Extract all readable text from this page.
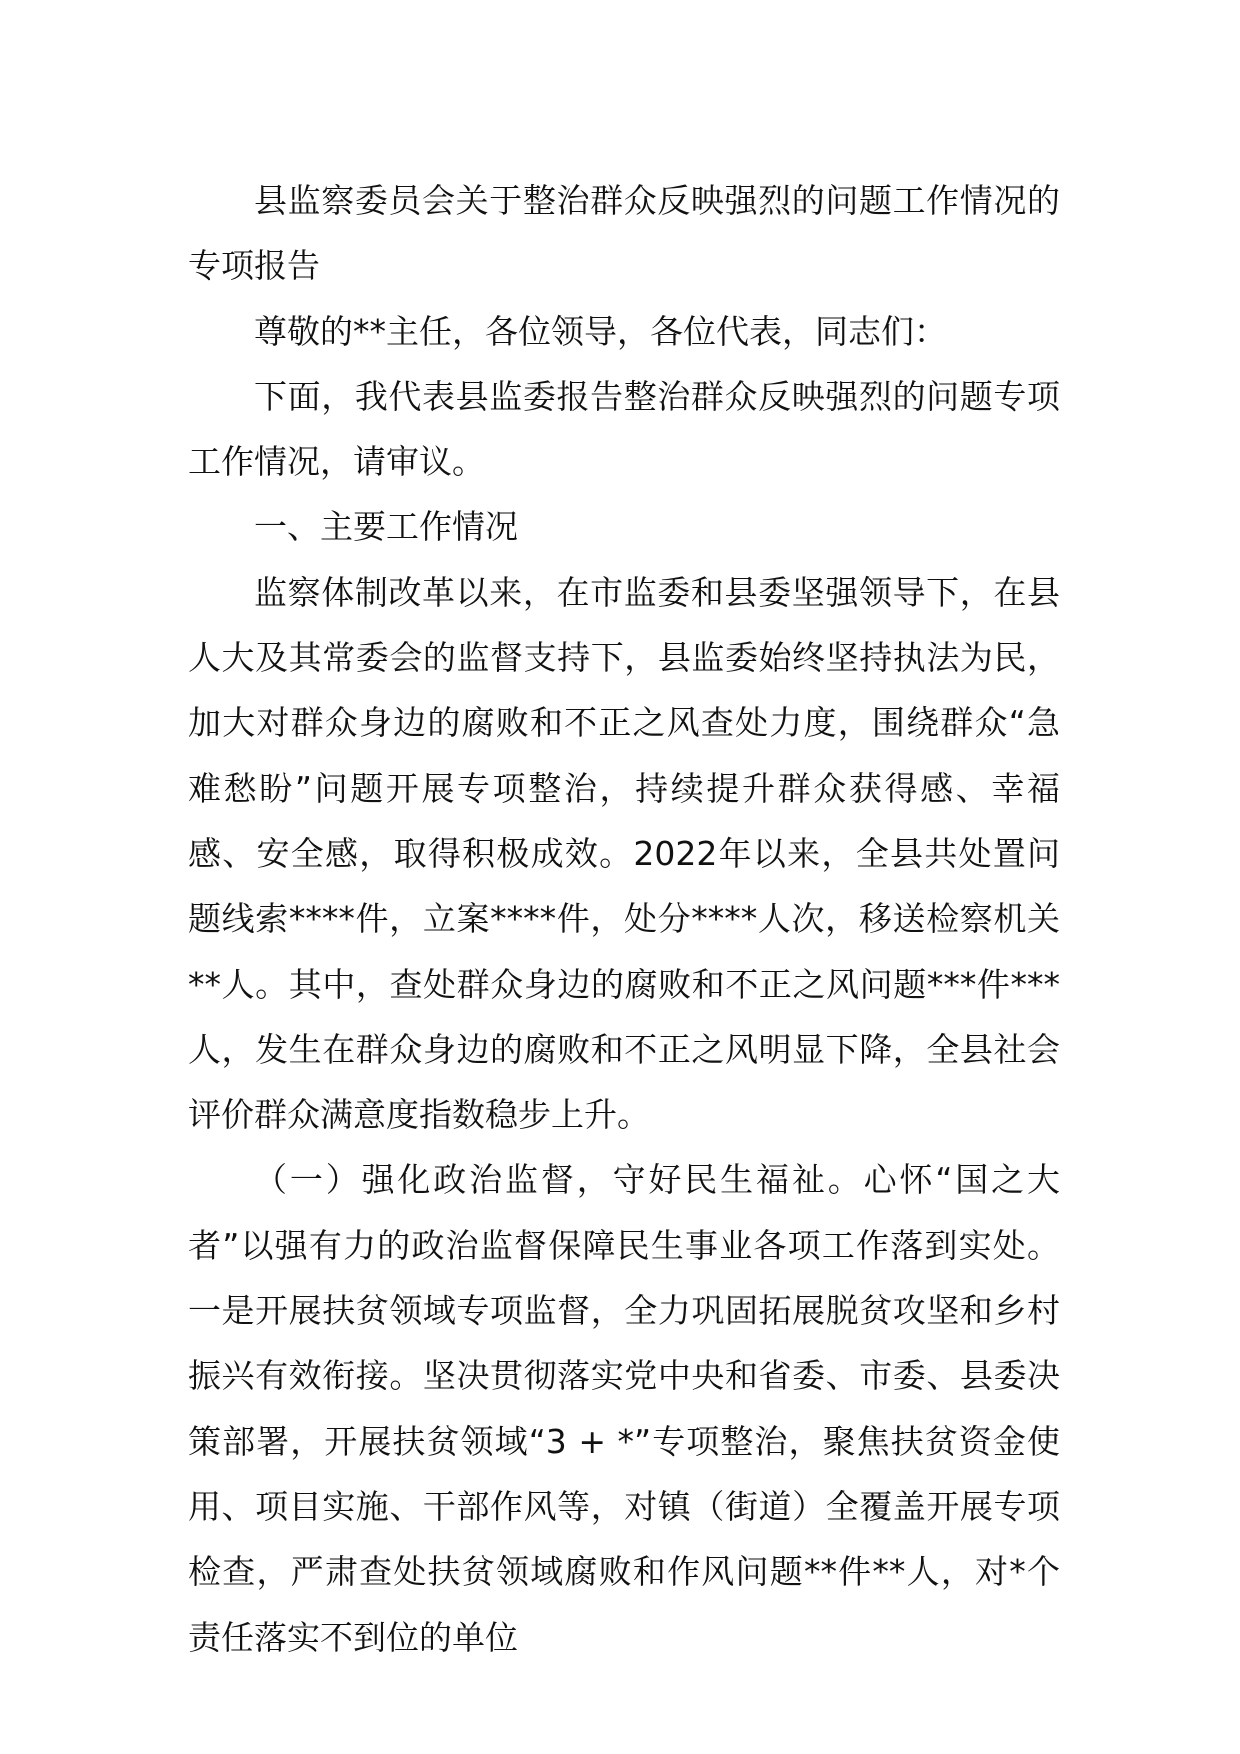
县监察委员会关于整治群众反映强烈的问题工作情况的专项报告

尊敬的**主任，各位领导，各位代表，同志们：

下面，我代表县监委报告整治群众反映强烈的问题专项工作情况，请审议。

一、主要工作情况

监察体制改革以来，在市监委和县委坚强领导下，在县人大及其常委会的监督支持下，县监委始终坚持执法为民，加大对群众身边的腐败和不正之风查处力度，围绕群众“急难愁盼”问题开展专项整治，持续提升群众获得感、幸福感、安全感，取得积极成效。2022年以来，全县共处置问题线索****件，立案****件，处分****人次，移送检察机关**人。其中，查处群众身边的腐败和不正之风问题***件***人，发生在群众身边的腐败和不正之风明显下降，全县社会评价群众满意度指数稳步上升。

（一）强化政治监督，守好民生福祉。心怀“国之大者”以强有力的政治监督保障民生事业各项工作落到实处。一是开展扶贫领域专项监督，全力巩固拓展脱贫攻坚和乡村振兴有效衔接。坚决贯彻落实党中央和省委、市委、县委决策部署，开展扶贫领域“3 + *”专项整治，聚焦扶贫资金使用、项目实施、干部作风等，对镇（街道）全覆盖开展专项检查，严肃查处扶贫领域腐败和作风问题**件**人，对*个责任落实不到位的单位
